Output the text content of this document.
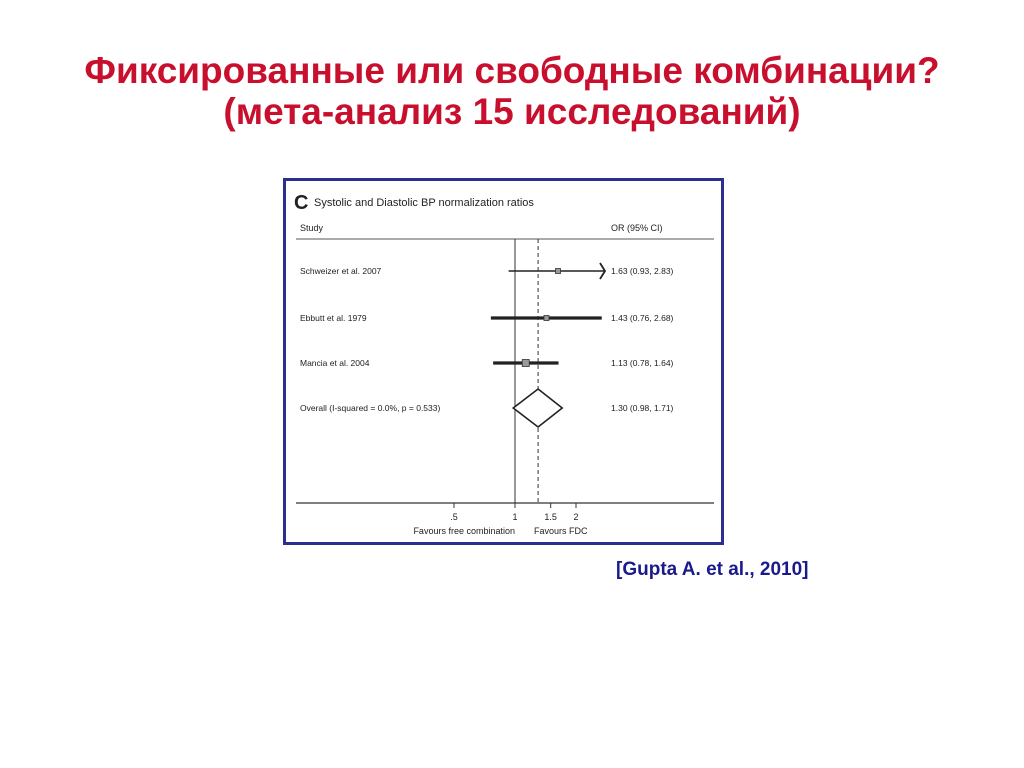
Фиксированные или свободные комбинации?
(мета-анализ 15 исследований)
C Systolic and Diastolic BP normalization ratios
Study	OR (95% CI)
Schweizer et al. 2007	1.63 (0.93, 2.83)
Ebbutt et al. 1979	1.43 (0.76, 2.68)
Mancia et al. 2004	1.13 (0.78, 1.64)
Overall (I-squared = 0.0%, p = 0.533)	1.30 (0.98, 1.71)
.5	1	1.5 2
Favours free combination Favours FDC
[Gupta A. et al., 2010]
